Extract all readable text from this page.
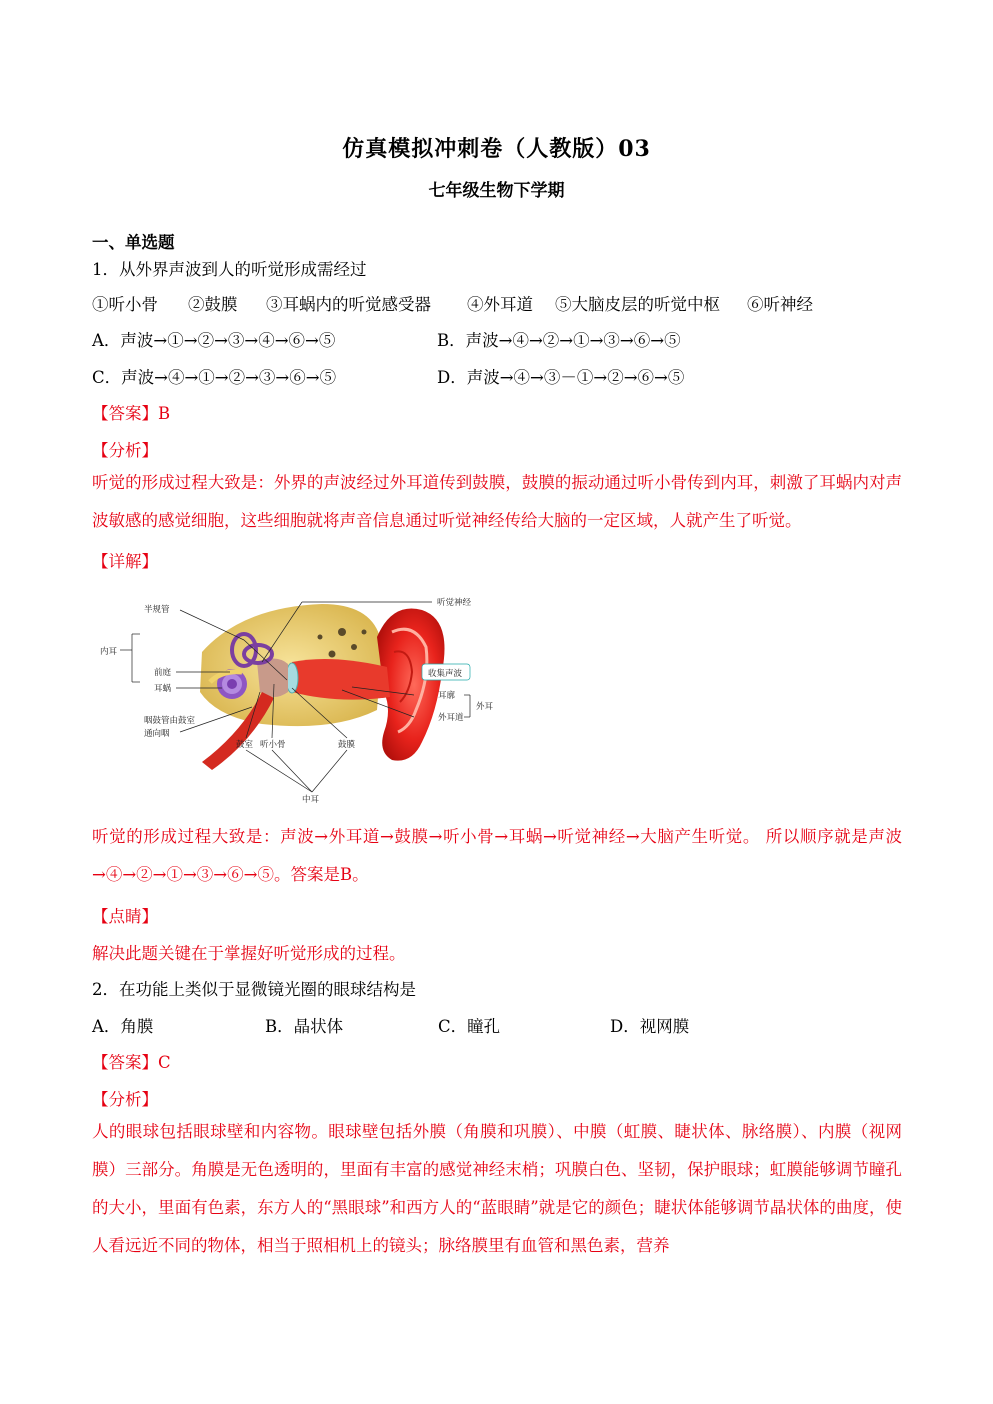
仿真模拟冲刺卷（人教版）03
七年级生物下学期
一、单选题
1．从外界声波到人的听觉形成需经过
①听小骨 ②鼓膜 ③耳蜗内的听觉感受器 ④外耳道 ⑤大脑皮层的听觉中枢 ⑥听神经
A．声波→①→②→③→④→⑥→⑤	B．声波→④→②→①→③→⑥→⑤
C．声波→④→①→②→③→⑥→⑤	D．声波→④→③－①→②→⑥→⑤
【答案】B
【分析】
听觉的形成过程大致是：外界的声波经过外耳道传到鼓膜，鼓膜的振动通过听小骨传到内耳，刺激了耳蜗内对声波敏感的感觉细胞，这些细胞就将声音信息通过听觉神经传给大脑的一定区域，人就产生了听觉。
【详解】
半规管
听觉神经
内耳
前庭
耳蜗
收集声波
耳廓
外耳
外耳道
咽鼓管由鼓室
通向咽
鼓室 听小骨	鼓膜
中耳
听觉的形成过程大致是：声波→外耳道→鼓膜→听小骨→耳蜗→听觉神经→大脑产生听觉。 所以顺序就是声波→④→②→①→③→⑥→⑤。答案是B。
【点睛】
解决此题关键在于掌握好听觉形成的过程。
2．在功能上类似于显微镜光圈的眼球结构是
A．角膜	B．晶状体	C．瞳孔	D．视网膜
【答案】C
【分析】
人的眼球包括眼球壁和内容物。眼球壁包括外膜（角膜和巩膜）、中膜（虹膜、睫状体、脉络膜）、内膜（视网膜）三部分。角膜是无色透明的，里面有丰富的感觉神经末梢；巩膜白色、坚韧，保护眼球；虹膜能够调节瞳孔的大小，里面有色素，东方人的“黑眼球”和西方人的“蓝眼睛”就是它的颜色；睫状体能够调节晶状体的曲度，使人看远近不同的物体，相当于照相机上的镜头；脉络膜里有血管和黑色素，营养
